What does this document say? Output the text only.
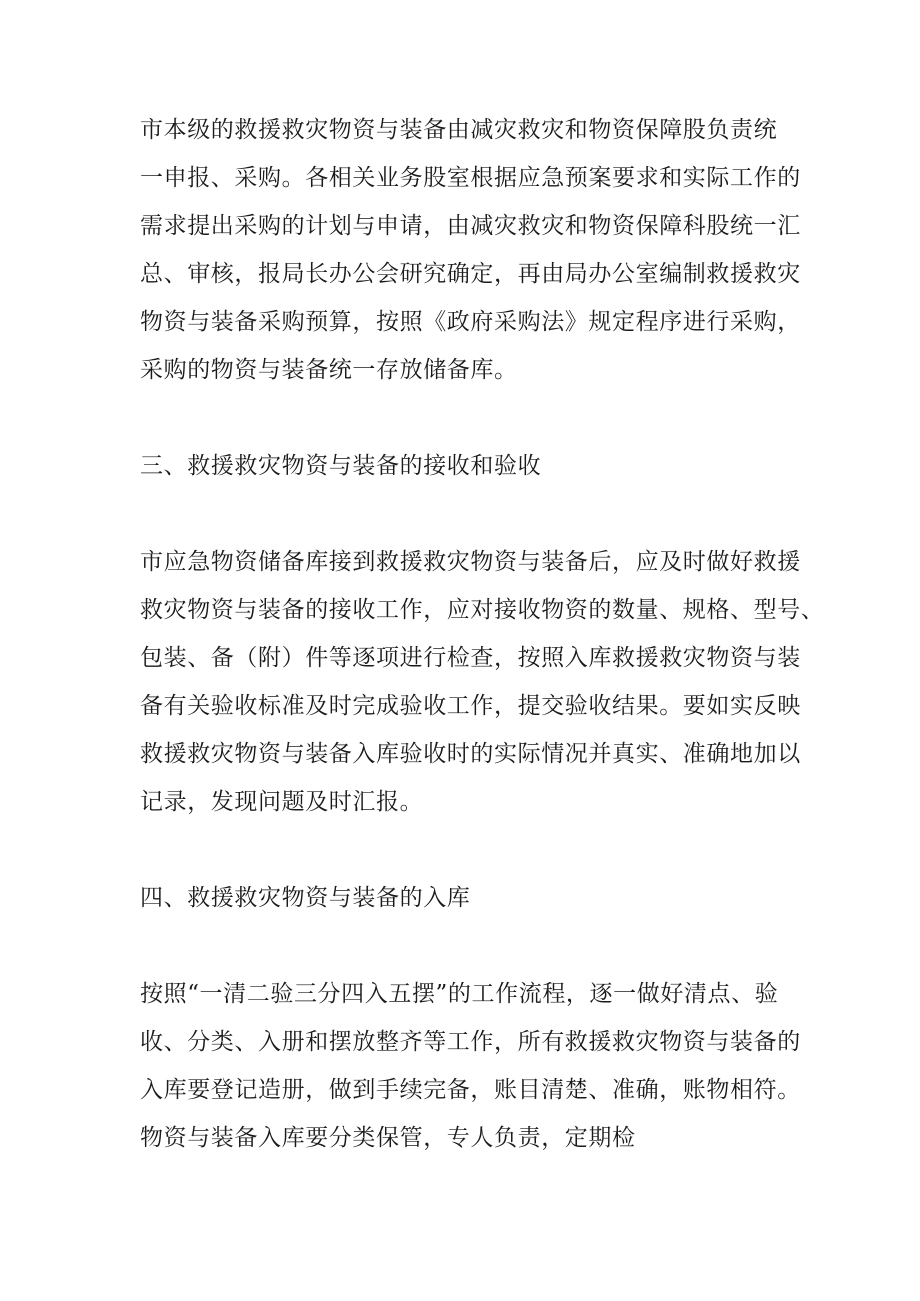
市本级的救援救灾物资与装备由减灾救灾和物资保障股负责统
一申报、采购。各相关业务股室根据应急预案要求和实际工作的
需求提出采购的计划与申请，由减灾救灾和物资保障科股统一汇
总、审核，报局长办公会研究确定，再由局办公室编制救援救灾
物资与装备采购预算，按照《政府采购法》规定程序进行采购，
采购的物资与装备统一存放储备库。
三、救援救灾物资与装备的接收和验收
市应急物资储备库接到救援救灾物资与装备后，应及时做好救援
救灾物资与装备的接收工作，应对接收物资的数量、规格、型号、
包装、备（附）件等逐项进行检查，按照入库救援救灾物资与装
备有关验收标准及时完成验收工作，提交验收结果。要如实反映
救援救灾物资与装备入库验收时的实际情况并真实、准确地加以
记录，发现问题及时汇报。
四、救援救灾物资与装备的入库
按照“一清二验三分四入五摆”的工作流程，逐一做好清点、验
收、分类、入册和摆放整齐等工作，所有救援救灾物资与装备的
入库要登记造册，做到手续完备，账目清楚、准确，账物相符。
物资与装备入库要分类保管，专人负责，定期检
